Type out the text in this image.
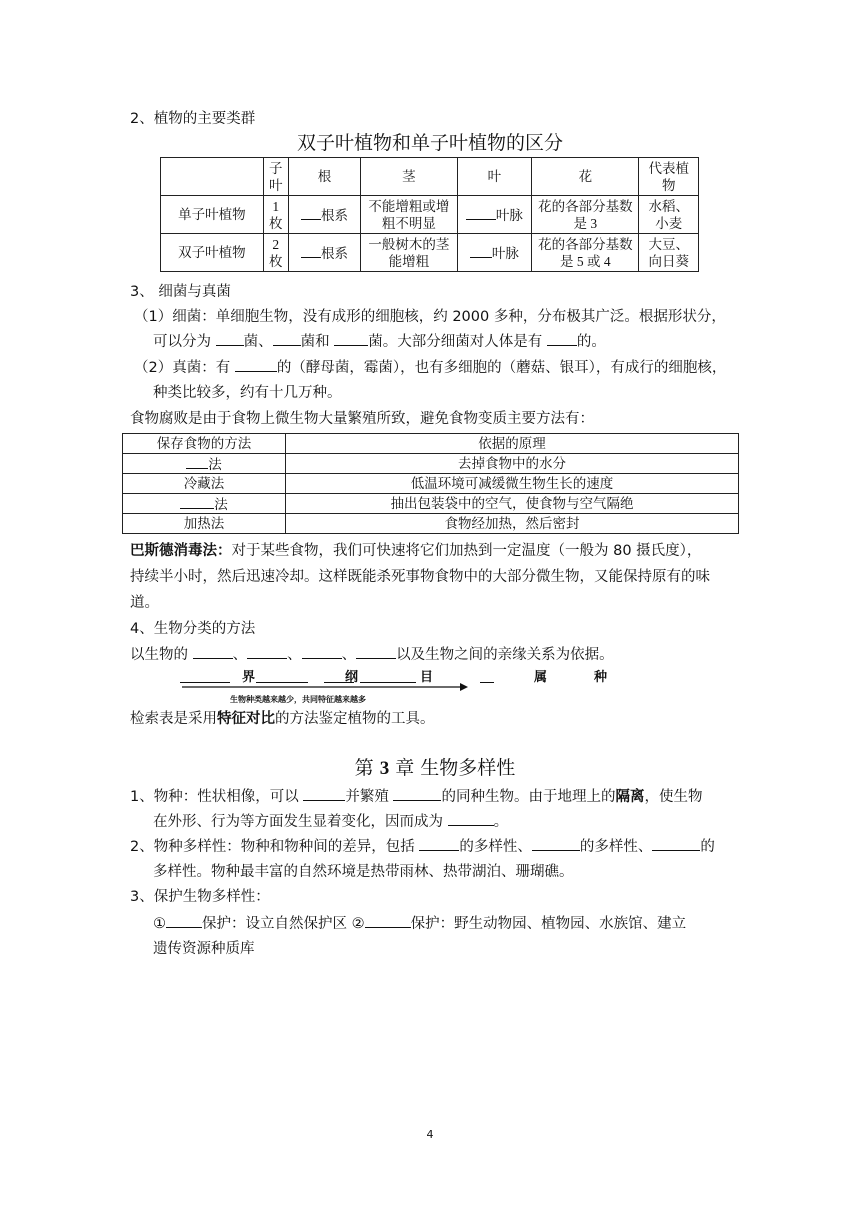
2、植物的主要类群
双子叶植物和单子叶植物的区分
	子叶	根	茎	叶	花	代表植物
单子叶植物	1枚	根系	不能增粗或增粗不明显	叶脉	花的各部分基数是 3	水稻、小麦
双子叶植物	2枚	根系	一般树木的茎能增粗	叶脉	花的各部分基数是 5 或 4	大豆、向日葵
3、 细菌与真菌
（1）细菌：单细胞生物，没有成形的细胞核，约 2000 多种，分布极其广泛。根据形状分，
可以分为 菌、 菌和 菌。大部分细菌对人体是有 的。
（2）真菌：有	的（酵母菌，霉菌），也有多细胞的（蘑菇、银耳），有成行的细胞核，
种类比较多，约有十几万种。
食物腐败是由于食物上微生物大量繁殖所致，避免食物变质主要方法有：
保存食物的方法	依据的原理
法	去掉食物中的水分
冷藏法	低温环境可减缓微生物生长的速度
法	抽出包装袋中的空气，使食物与空气隔绝
加热法	食物经加热，然后密封
巴斯德消毒法：对于某些食物，我们可快速将它们加热到一定温度（一般为 80 摄氏度），
持续半小时，然后迅速冷却。这样既能杀死事物食物中的大部分微生物，又能保持原有的味
道。
4、生物分类的方法
以生物的	、	、	、	以及生物之间的亲缘关系为依据。
界	纲	目	属	种
生物种类越来越少，共同特征越来越多
检索表是采用特征对比的方法鉴定植物的工具。
第 3 章 生物多样性
1、物种：性状相像，可以	并繁殖	的同种生物。由于地理上的隔离，使生物
在外形、行为等方面发生显着变化，因而成为	。
2、物种多样性：物种和物种间的差异，包括	的多样性、	的多样性、	的
多样性。物种最丰富的自然环境是热带雨林、热带湖泊、珊瑚礁。
3、保护生物多样性：
① 保护：设立自然保护区 ②	保护：野生动物园、植物园、水族馆、建立
遗传资源种质库
4
